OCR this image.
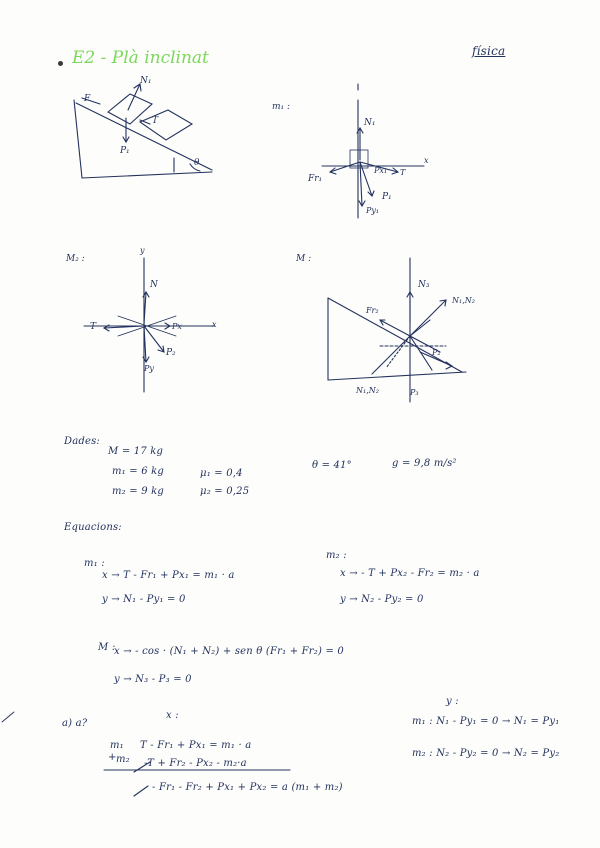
E2 - Plà inclinat	física
F
N₁
T
P₁
θ
m₁ :
N₁
Fr₁
Px₁ T
P₁
Py₁
x
M₂ :
y
N
T	Px
P₂
Py
x
M :
N₃
Fr₂
N₁,N₂
P₂
N₁,N₂	P₃
Dades:
M = 17 kg
m₁ = 6 kg	μ₁ = 0,4
m₂ = 9 kg	μ₂ = 0,25
θ = 41°	g = 9,8 m/s²
Equacions:
m₁ :
x → T - Fr₁ + Px₁ = m₁ · a
y → N₁ - Py₁ = 0
m₂ :
x → - T + Px₂ - Fr₂ = m₂ · a
y → N₂ - Py₂ = 0
M :
x → - cos · (N₁ + N₂) + sen θ (Fr₁ + Fr₂) = 0
y → N₃ - P₃ = 0
a) a?
x :
m₁ T - Fr₁ + Px₁ = m₁ · a
+ m₂ -T + Fr₂ - Px₂ - m₂·a
- Fr₁ - Fr₂ + Px₁ + Px₂ = a (m₁ + m₂)
y :
m₁ : N₁ - Py₁ = 0 → N₁ = Py₁
m₂ : N₂ - Py₂ = 0 → N₂ = Py₂
